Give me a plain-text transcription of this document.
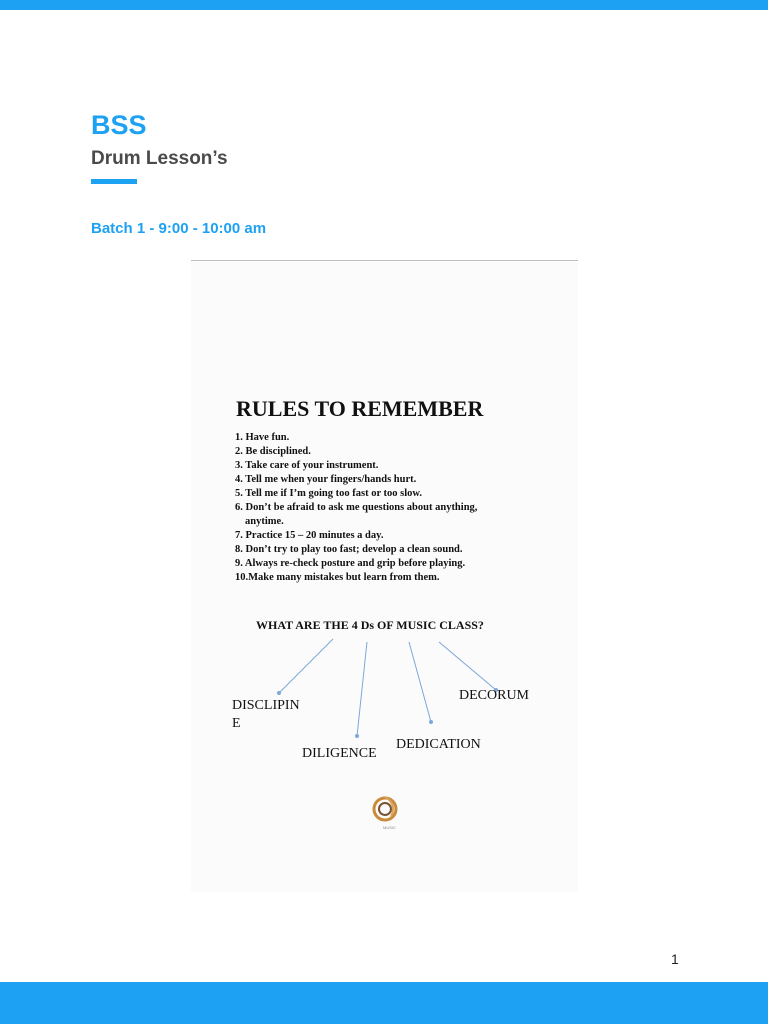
BSS
Drum Lesson’s
Batch 1 - 9:00 - 10:00 am
RULES TO REMEMBER
1. Have fun.
2. Be disciplined.
3. Take care of your instrument.
4. Tell me when your fingers/hands hurt.
5. Tell me if I’m going too fast or too slow.
6. Don’t be afraid to ask me questions about anything,
anytime.
7. Practice 15 – 20 minutes a day.
8. Don’t try to play too fast; develop a clean sound.
9. Always re-check posture and grip before playing.
10.Make many mistakes but learn from them.
WHAT ARE THE 4 Ds OF MUSIC CLASS?
DISCLIPIN
E
DILIGENCE
DEDICATION
DECORUM
MUSIC
1
